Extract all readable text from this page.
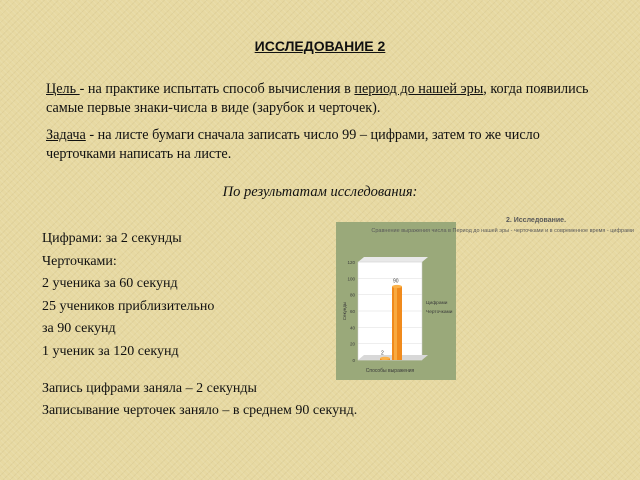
ИССЛЕДОВАНИЕ 2

Цель - на практике испытать способ вычисления в период до нашей эры, когда появились самые первые знаки-числа в виде (зарубок и черточек).

Задача - на листе бумаги сначала записать число 99 – цифрами, затем то же число черточками написать на листе.

По результатам исследования:
Цифрами: за 2 секунды
Черточками:
2 ученика за 60 секунд
25 учеников приблизительно
за 90 секунд
1 ученик за 120 секунд
Запись цифрами заняла – 2 секунды
Записывание черточек заняло – в среднем 90 секунд.
0
20
40
60
80
100
120
Секунды
2
90
Способы выражения
Цифрами
Черточками
2. Исследование.
Сравнение выражения числа в Период до нашей эры - черточками и в современное время - цифрами
